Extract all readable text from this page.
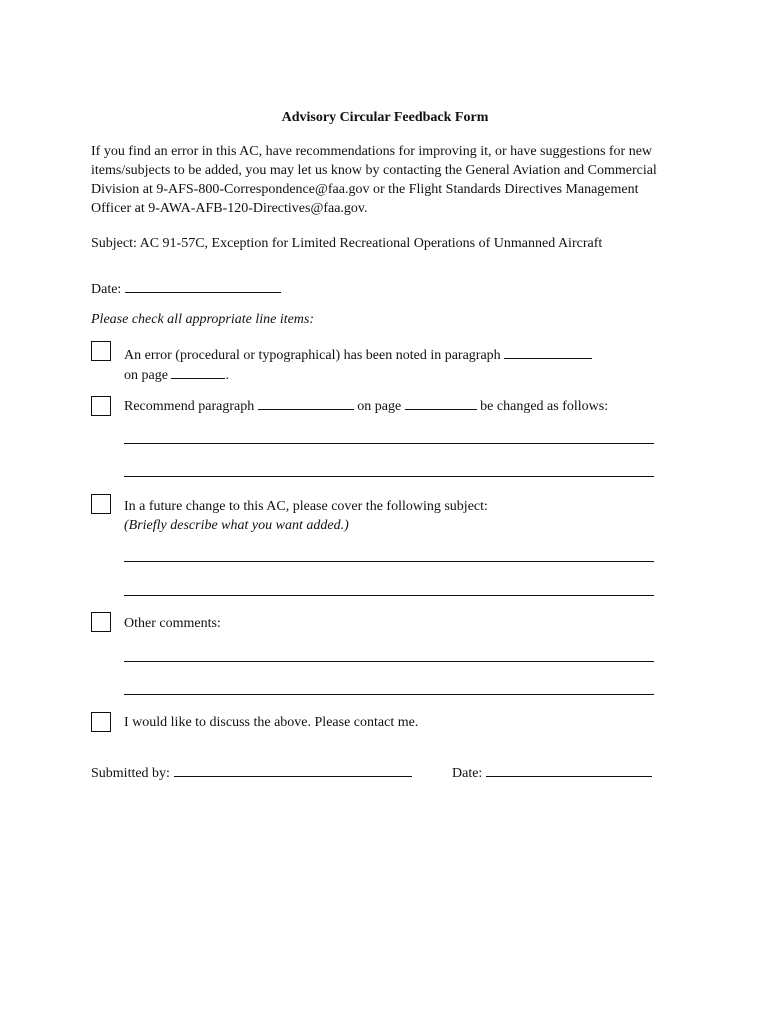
Advisory Circular Feedback Form
If you find an error in this AC, have recommendations for improving it, or have suggestions for new items/subjects to be added, you may let us know by contacting the General Aviation and Commercial Division at 9-AFS-800-Correspondence@faa.gov or the Flight Standards Directives Management Officer at 9-AWA-AFB-120-Directives@faa.gov.
Subject: AC 91-57C, Exception for Limited Recreational Operations of Unmanned Aircraft
Date:
Please check all appropriate line items:
An error (procedural or typographical) has been noted in paragraph
on page	.
Recommend paragraph	on page	be changed as follows:
In a future change to this AC, please cover the following subject:
(Briefly describe what you want added.)
Other comments:
I would like to discuss the above. Please contact me.
Submitted by:	Date:
